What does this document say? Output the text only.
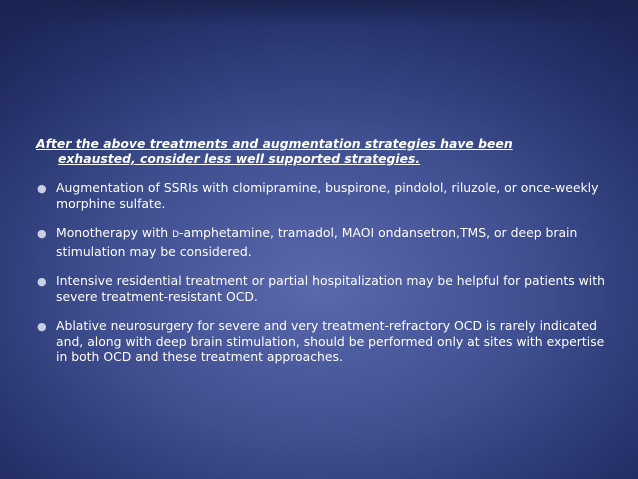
After the above treatments and augmentation strategies have been
exhausted, consider less well supported strategies.

● Augmentation of SSRIs with clomipramine, buspirone, pindolol, riluzole, or once-weekly morphine sulfate.
● Monotherapy with D-amphetamine, tramadol, MAOI ondansetron,TMS, or deep brain stimulation may be considered.
● Intensive residential treatment or partial hospitalization may be helpful for patients with severe treatment-resistant OCD.
● Ablative neurosurgery for severe and very treatment-refractory OCD is rarely indicated and, along with deep brain stimulation, should be performed only at sites with expertise in both OCD and these treatment approaches.
